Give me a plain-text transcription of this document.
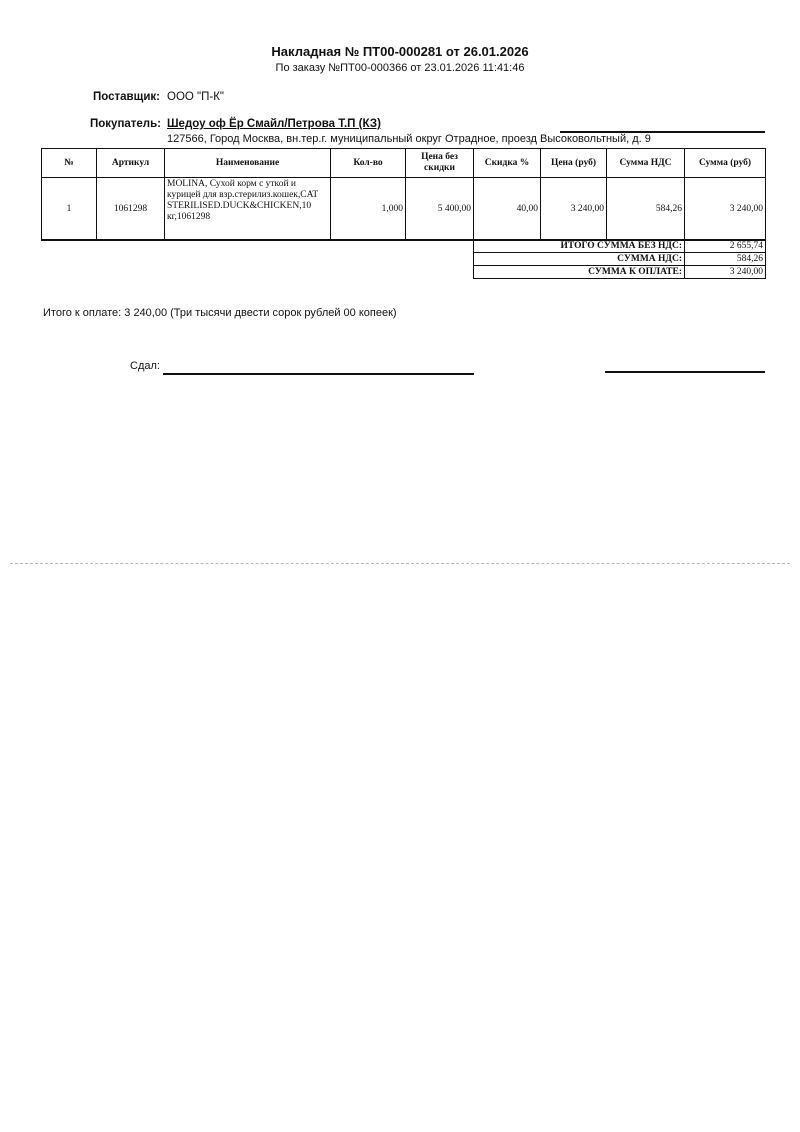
Накладная № ПТ00-000281 от 26.01.2026
По заказу №ПТ00-000366 от 23.01.2026 11:41:46
Поставщик: ООО "П-К"
Покупатель: Шедоу оф Ёр Смайл/Петрова Т.П (КЗ)
127566, Город Москва, вн.тер.г. муниципальный округ Отрадное, проезд Высоковольтный, д. 9
№	Артикул	Наименование	Кол-во	Цена без скидки	Скидка %	Цена (руб)	Сумма НДС	Сумма (руб)
1	1061298	MOLINA, Сухой корм с уткой и курицей для взр.стерилиз.кошек,CAT STERILISED.DUCK&CHICKEN,10 кг,1061298	1,000	5 400,00	40,00	3 240,00	584,26	3 240,00
ИТОГО СУММА БЕЗ НДС:	2 655,74
СУММА НДС:	584,26
СУММА К ОПЛАТЕ:	3 240,00
Итого к оплате: 3 240,00 (Три тысячи двести сорок рублей 00 копеек)
Сдал:
